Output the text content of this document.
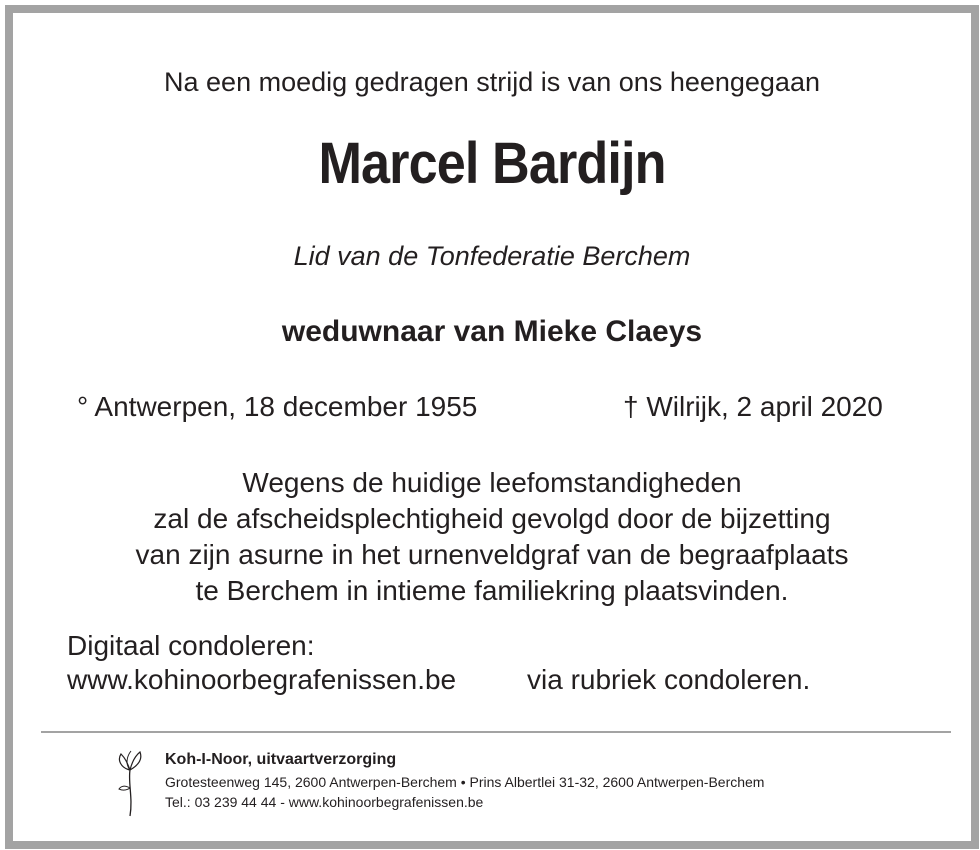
Na een moedig gedragen strijd is van ons heengegaan
Marcel Bardijn
Lid van de Tonfederatie Berchem
weduwnaar van Mieke Claeys
° Antwerpen, 18 december 1955	† Wilrijk, 2 april 2020
Wegens de huidige leefomstandigheden
zal de afscheidsplechtigheid gevolgd door de bijzetting
van zijn asurne in het urnenveldgraf van de begraafplaats
te Berchem in intieme familiekring plaatsvinden.
Digitaal condoleren:
www.kohinoorbegrafenissen.be	via rubriek condoleren.
Koh-I-Noor, uitvaartverzorging
Grotesteenweg 145, 2600 Antwerpen-Berchem • Prins Albertlei 31-32, 2600 Antwerpen-Berchem
Tel.: 03 239 44 44 - www.kohinoorbegrafenissen.be
